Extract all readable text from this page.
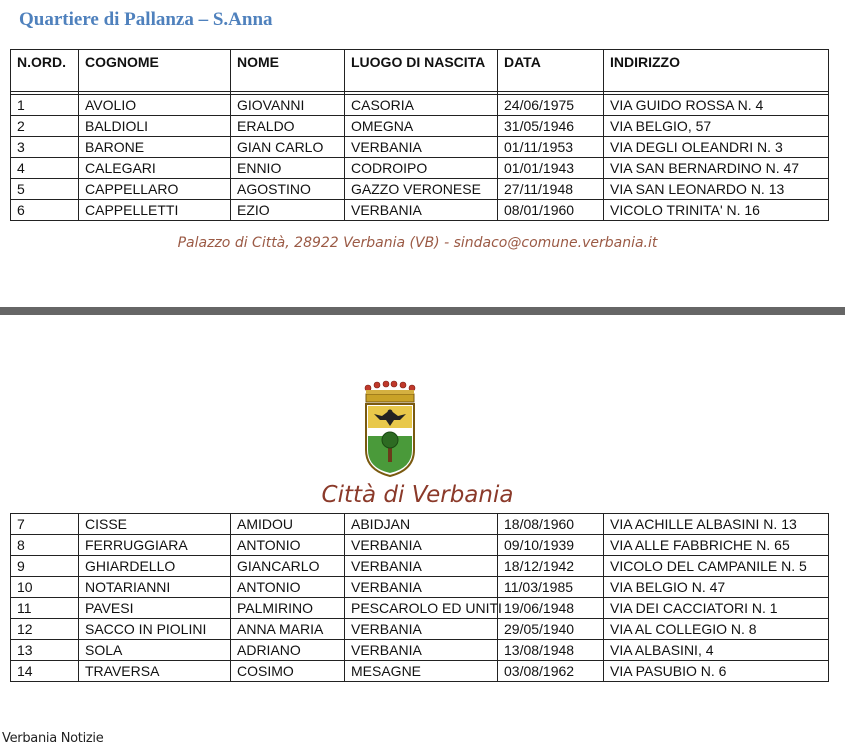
Quartiere di Pallanza – S.Anna
N.ORD.	COGNOME	NOME	LUOGO DI NASCITA	DATA	INDIRIZZO

1	AVOLIO	GIOVANNI	CASORIA	24/06/1975	VIA GUIDO ROSSA N. 4
2	BALDIOLI	ERALDO	OMEGNA	31/05/1946	VIA BELGIO, 57
3	BARONE	GIAN CARLO	VERBANIA	01/11/1953	VIA DEGLI OLEANDRI N. 3
4	CALEGARI	ENNIO	CODROIPO	01/01/1943	VIA SAN BERNARDINO N. 47
5	CAPPELLARO	AGOSTINO	GAZZO VERONESE	27/11/1948	VIA SAN LEONARDO N. 13
6	CAPPELLETTI	EZIO	VERBANIA	08/01/1960	VICOLO TRINITA' N. 16
Palazzo di Città, 28922 Verbania (VB) - sindaco@comune.verbania.it
Città di Verbania
7	CISSE	AMIDOU	ABIDJAN	18/08/1960	VIA ACHILLE ALBASINI N. 13
8	FERRUGGIARA	ANTONIO	VERBANIA	09/10/1939	VIA ALLE FABBRICHE N. 65
9	GHIARDELLO	GIANCARLO	VERBANIA	18/12/1942	VICOLO DEL CAMPANILE N. 5
10	NOTARIANNI	ANTONIO	VERBANIA	11/03/1985	VIA BELGIO N. 47
11	PAVESI	PALMIRINO	PESCAROLO ED UNITI	19/06/1948	VIA DEI CACCIATORI N. 1
12	SACCO IN PIOLINI	ANNA MARIA	VERBANIA	29/05/1940	VIA AL COLLEGIO N. 8
13	SOLA	ADRIANO	VERBANIA	13/08/1948	VIA ALBASINI, 4
14	TRAVERSA	COSIMO	MESAGNE	03/08/1962	VIA PASUBIO N. 6
Verbania Notizie
